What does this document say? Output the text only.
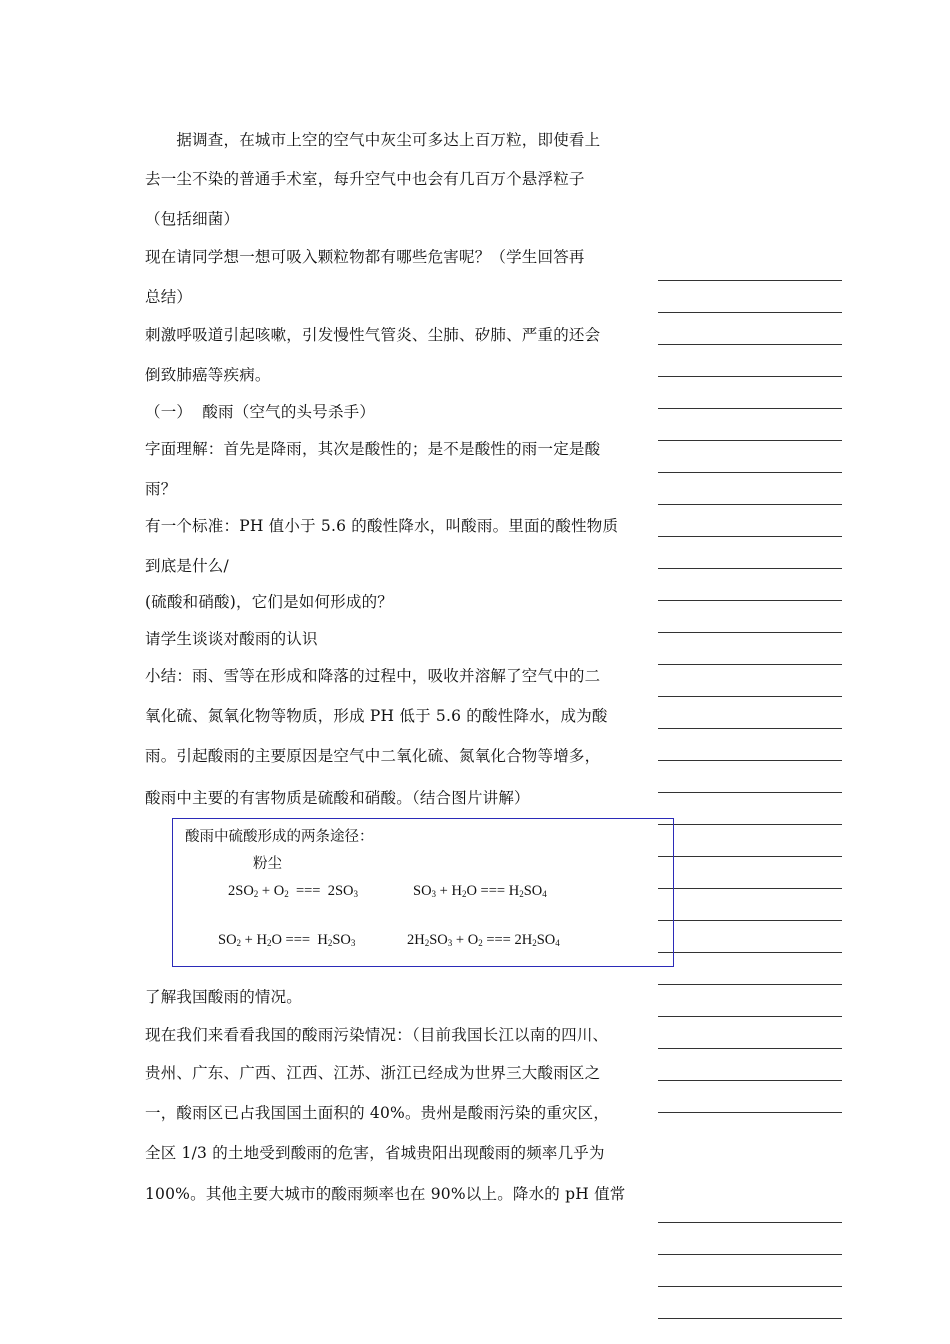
　　据调查，在城市上空的空气中灰尘可多达上百万粒，即使看上
去一尘不染的普通手术室，每升空气中也会有几百万个悬浮粒子
（包括细菌）
现在请同学想一想可吸入颗粒物都有哪些危害呢？（学生回答再
总结）
刺激呼吸道引起咳嗽，引发慢性气管炎、尘肺、矽肺、严重的还会
倒致肺癌等疾病。
（一）  酸雨（空气的头号杀手）
字面理解：首先是降雨，其次是酸性的；是不是酸性的雨一定是酸
雨？
有一个标准：PH 值小于 5.6 的酸性降水，叫酸雨。里面的酸性物质
到底是什么/
(硫酸和硝酸)，它们是如何形成的？
请学生谈谈对酸雨的认识
小结：雨、雪等在形成和降落的过程中，吸收并溶解了空气中的二
氧化硫、氮氧化物等物质，形成 PH 低于 5.6 的酸性降水，成为酸
雨。引起酸雨的主要原因是空气中二氧化硫、氮氧化合物等增多，
酸雨中主要的有害物质是硫酸和硝酸。（结合图片讲解）
了解我国酸雨的情况。
现在我们来看看我国的酸雨污染情况：（目前我国长江以南的四川、
贵州、广东、广西、江西、江苏、浙江已经成为世界三大酸雨区之
一，酸雨区已占我国国土面积的 40%。贵州是酸雨污染的重灾区，
全区 1/3 的土地受到酸雨的危害，省城贵阳出现酸雨的频率几乎为
100%。其他主要大城市的酸雨频率也在 90%以上。降水的 pH 值常
酸雨中硫酸形成的两条途径：
粉尘
$2SO_2 + O_2$  ===  $2SO_3$	$SO_3 + H_2O$ === $H_2SO_4$
$SO_2 + H_2O$ ===  $H_2SO_3$	$2H_2SO_3 + O_2$ === $2H_2SO_4$
